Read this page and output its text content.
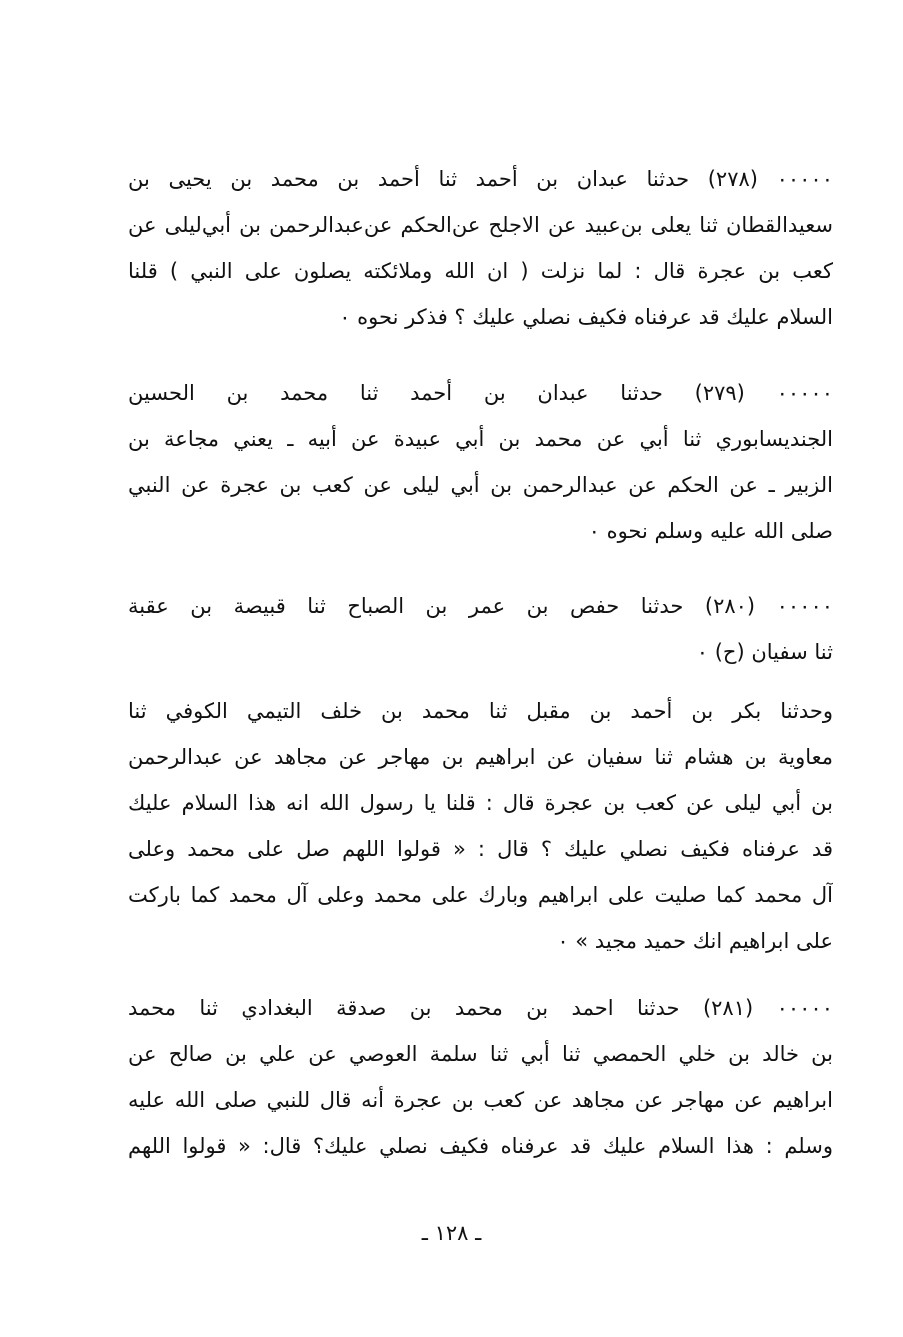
٠٠٠٠٠ (٢٧٨) حدثنا عبدان بن أحمد ثنا أحمد بن محمد بن يحيى بن
سعيدالقطان ثنا يعلى بن‌عبيد عن الاجلح عن‌الحكم عن‌عبدالرحمن بن أبي‌ليلى عن
كعب بن عجرة قال : لما نزلت ( ان الله وملائكته يصلون على النبي ) قلنا
السلام عليك قد عرفناه فكيف نصلي عليك ؟ فذكر نحوه ٠
٠٠٠٠٠ (٢٧٩) حدثنا عبدان بن أحمد ثنا محمد بن الحسين
الجنديسابوري ثنا أبي عن محمد بن أبي عبيدة عن أبيه ـ يعني مجاعة بن
الزبير ـ عن الحكم عن عبدالرحمن بن أبي ليلى عن كعب بن عجرة عن النبي
صلى الله عليه وسلم نحوه ٠
٠٠٠٠٠ (٢٨٠) حدثنا حفص بن عمر بن الصباح ثنا قبيصة بن عقبة
ثنا سفيان (ح) ٠
وحدثنا بكر بن أحمد بن مقبل ثنا محمد بن خلف التيمي الكوفي ثنا
معاوية بن هشام ثنا سفيان عن ابراهيم بن مهاجر عن مجاهد عن عبدالرحمن
بن أبي ليلى عن كعب بن عجرة قال : قلنا يا رسول الله انه هذا السلام عليك
قد عرفناه فكيف نصلي عليك ؟ قال : « قولوا اللهم صل على محمد وعلى
آل محمد كما صليت على ابراهيم وبارك على محمد وعلى آل محمد كما باركت
على ابراهيم انك حميد مجيد » ٠
٠٠٠٠٠ (٢٨١) حدثنا احمد بن محمد بن صدقة البغدادي ثنا محمد
بن خالد بن خلي الحمصي ثنا أبي ثنا سلمة العوصي عن علي بن صالح عن
ابراهيم عن مهاجر عن مجاهد عن كعب بن عجرة أنه قال للنبي صلى الله عليه
وسلم : هذا السلام عليك قد عرفناه فكيف نصلي عليك؟ قال: « قولوا اللهم
ـ ١٢٨ ـ
